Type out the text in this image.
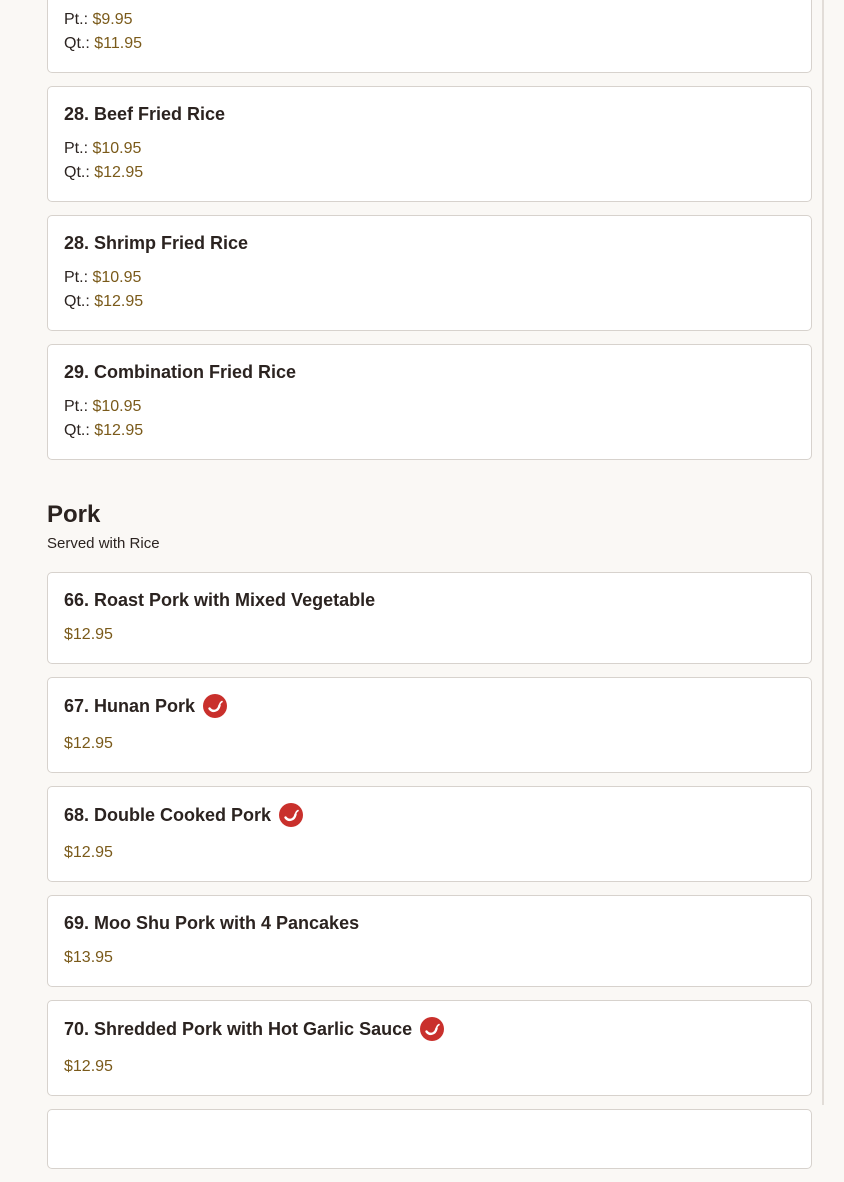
Pt.: $9.95
Qt.: $11.95
28. Beef Fried Rice
Pt.: $10.95
Qt.: $12.95
28. Shrimp Fried Rice
Pt.: $10.95
Qt.: $12.95
29. Combination Fried Rice
Pt.: $10.95
Qt.: $12.95
Pork
Served with Rice
66. Roast Pork with Mixed Vegetable
$12.95
67. Hunan Pork
$12.95
68. Double Cooked Pork
$12.95
69. Moo Shu Pork with 4 Pancakes
$13.95
70. Shredded Pork with Hot Garlic Sauce
$12.95
